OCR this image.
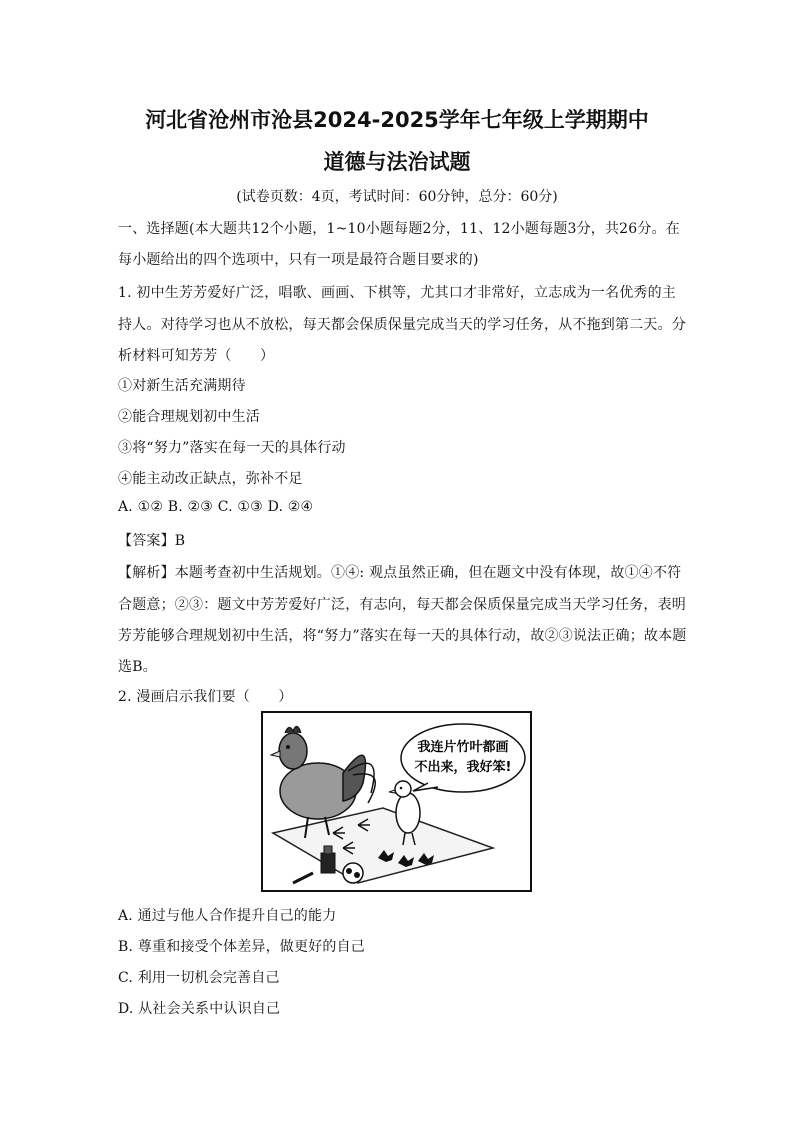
河北省沧州市沧县2024-2025学年七年级上学期期中
道德与法治试题
(试卷页数：4页，考试时间：60分钟，总分：60分)
一、选择题(本大题共12个小题，1~10小题每题2分，11、12小题每题3分，共26分。在
每小题给出的四个选项中，只有一项是最符合题目要求的)
1. 初中生芳芳爱好广泛，唱歌、画画、下棋等，尤其口才非常好，立志成为一名优秀的主
持人。对待学习也从不放松，每天都会保质保量完成当天的学习任务，从不拖到第二天。分
析材料可知芳芳（　　）
①对新生活充满期待
②能合理规划初中生活
③将“努力”落实在每一天的具体行动
④能主动改正缺点，弥补不足
A. ①② B. ②③ C. ①③ D. ②④
【答案】B
【解析】本题考查初中生活规划。①④: 观点虽然正确，但在题文中没有体现，故①④不符
合题意；②③：题文中芳芳爱好广泛，有志向，每天都会保质保量完成当天学习任务，表明
芳芳能够合理规划初中生活，将“努力”落实在每一天的具体行动，故②③说法正确；故本题
选B。
2. 漫画启示我们要（　　）
我连片竹叶都画
不出来，我好笨!
A. 通过与他人合作提升自己的能力
B. 尊重和接受个体差异，做更好的自己
C. 利用一切机会完善自己
D. 从社会关系中认识自己
